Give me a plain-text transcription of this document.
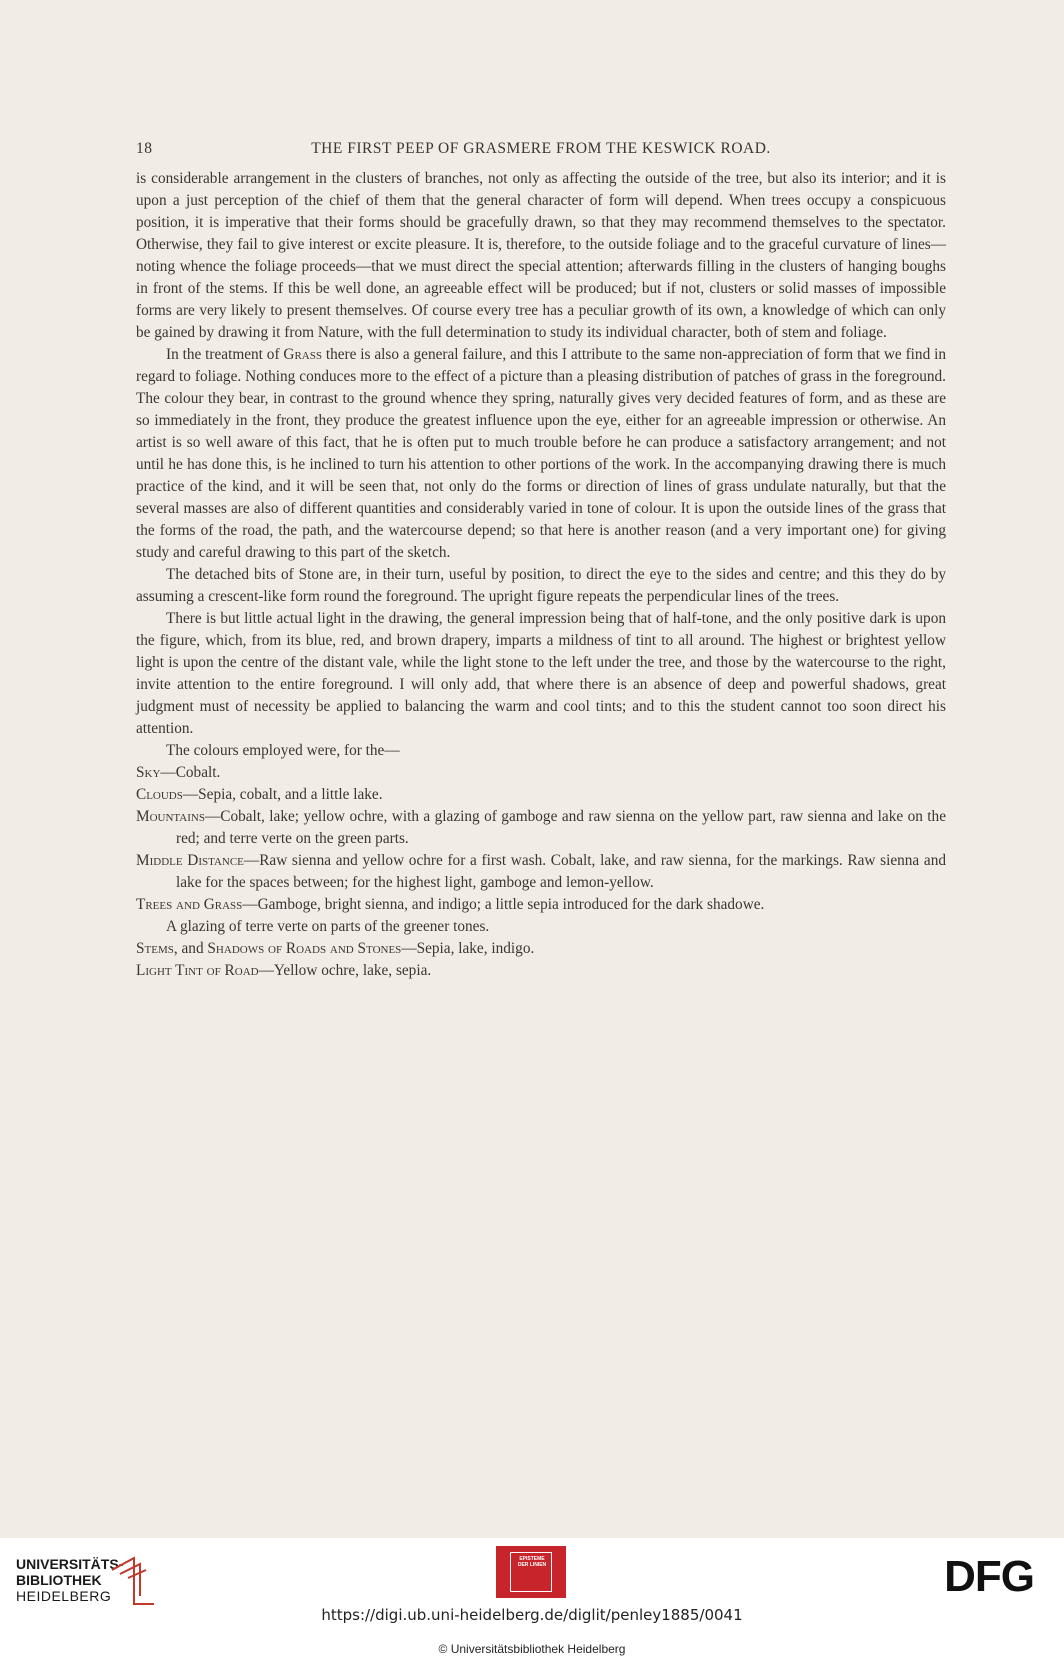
18	THE FIRST PEEP OF GRASMERE FROM THE KESWICK ROAD.

is considerable arrangement in the clusters of branches, not only as affecting the outside of the tree, but also its interior; and it is upon a just perception of the chief of them that the general character of form will depend. When trees occupy a conspicuous position, it is imperative that their forms should be gracefully drawn, so that they may recommend themselves to the spectator. Otherwise, they fail to give interest or excite pleasure. It is, therefore, to the outside foliage and to the graceful curvature of lines—noting whence the foliage proceeds—that we must direct the special attention; afterwards filling in the clusters of hanging boughs in front of the stems. If this be well done, an agreeable effect will be produced; but if not, clusters or solid masses of impossible forms are very likely to present themselves. Of course every tree has a peculiar growth of its own, a knowledge of which can only be gained by drawing it from Nature, with the full determination to study its individual character, both of stem and foliage.

In the treatment of Grass there is also a general failure, and this I attribute to the same non-appreciation of form that we find in regard to foliage. Nothing conduces more to the effect of a picture than a pleasing distribution of patches of grass in the foreground. The colour they bear, in contrast to the ground whence they spring, naturally gives very decided features of form, and as these are so immediately in the front, they produce the greatest influence upon the eye, either for an agreeable impression or otherwise. An artist is so well aware of this fact, that he is often put to much trouble before he can produce a satisfactory arrangement; and not until he has done this, is he inclined to turn his attention to other portions of the work. In the accompanying drawing there is much practice of the kind, and it will be seen that, not only do the forms or direction of lines of grass undulate naturally, but that the several masses are also of different quantities and considerably varied in tone of colour. It is upon the outside lines of the grass that the forms of the road, the path, and the watercourse depend; so that here is another reason (and a very important one) for giving study and careful drawing to this part of the sketch.

The detached bits of Stone are, in their turn, useful by position, to direct the eye to the sides and centre; and this they do by assuming a crescent-like form round the foreground. The upright figure repeats the perpendicular lines of the trees.

There is but little actual light in the drawing, the general impression being that of half-tone, and the only positive dark is upon the figure, which, from its blue, red, and brown drapery, imparts a mildness of tint to all around. The highest or brightest yellow light is upon the centre of the distant vale, while the light stone to the left under the tree, and those by the watercourse to the right, invite attention to the entire foreground. I will only add, that where there is an absence of deep and powerful shadows, great judgment must of necessity be applied to balancing the warm and cool tints; and to this the student cannot too soon direct his attention.

The colours employed were, for the—

Sky—Cobalt.
Clouds—Sepia, cobalt, and a little lake.
Mountains—Cobalt, lake; yellow ochre, with a glazing of gamboge and raw sienna on the yellow part, raw sienna and lake on the red; and terre verte on the green parts.
Middle Distance—Raw sienna and yellow ochre for a first wash. Cobalt, lake, and raw sienna, for the markings. Raw sienna and lake for the spaces between; for the highest light, gamboge and lemon-yellow.
Trees and Grass—Gamboge, bright sienna, and indigo; a little sepia introduced for the dark shadowe.

A glazing of terre verte on parts of the greener tones.

Stems, and Shadows of Roads and Stones—Sepia, lake, indigo.
Light Tint of Road—Yellow ochre, lake, sepia.
UNIVERSITÄTS-
BIBLIOTHEK
HEIDELBERG
EPISTEME DER LINIEN	DFG
https://digi.ub.uni-heidelberg.de/diglit/penley1885/0041
© Universitätsbibliothek Heidelberg
